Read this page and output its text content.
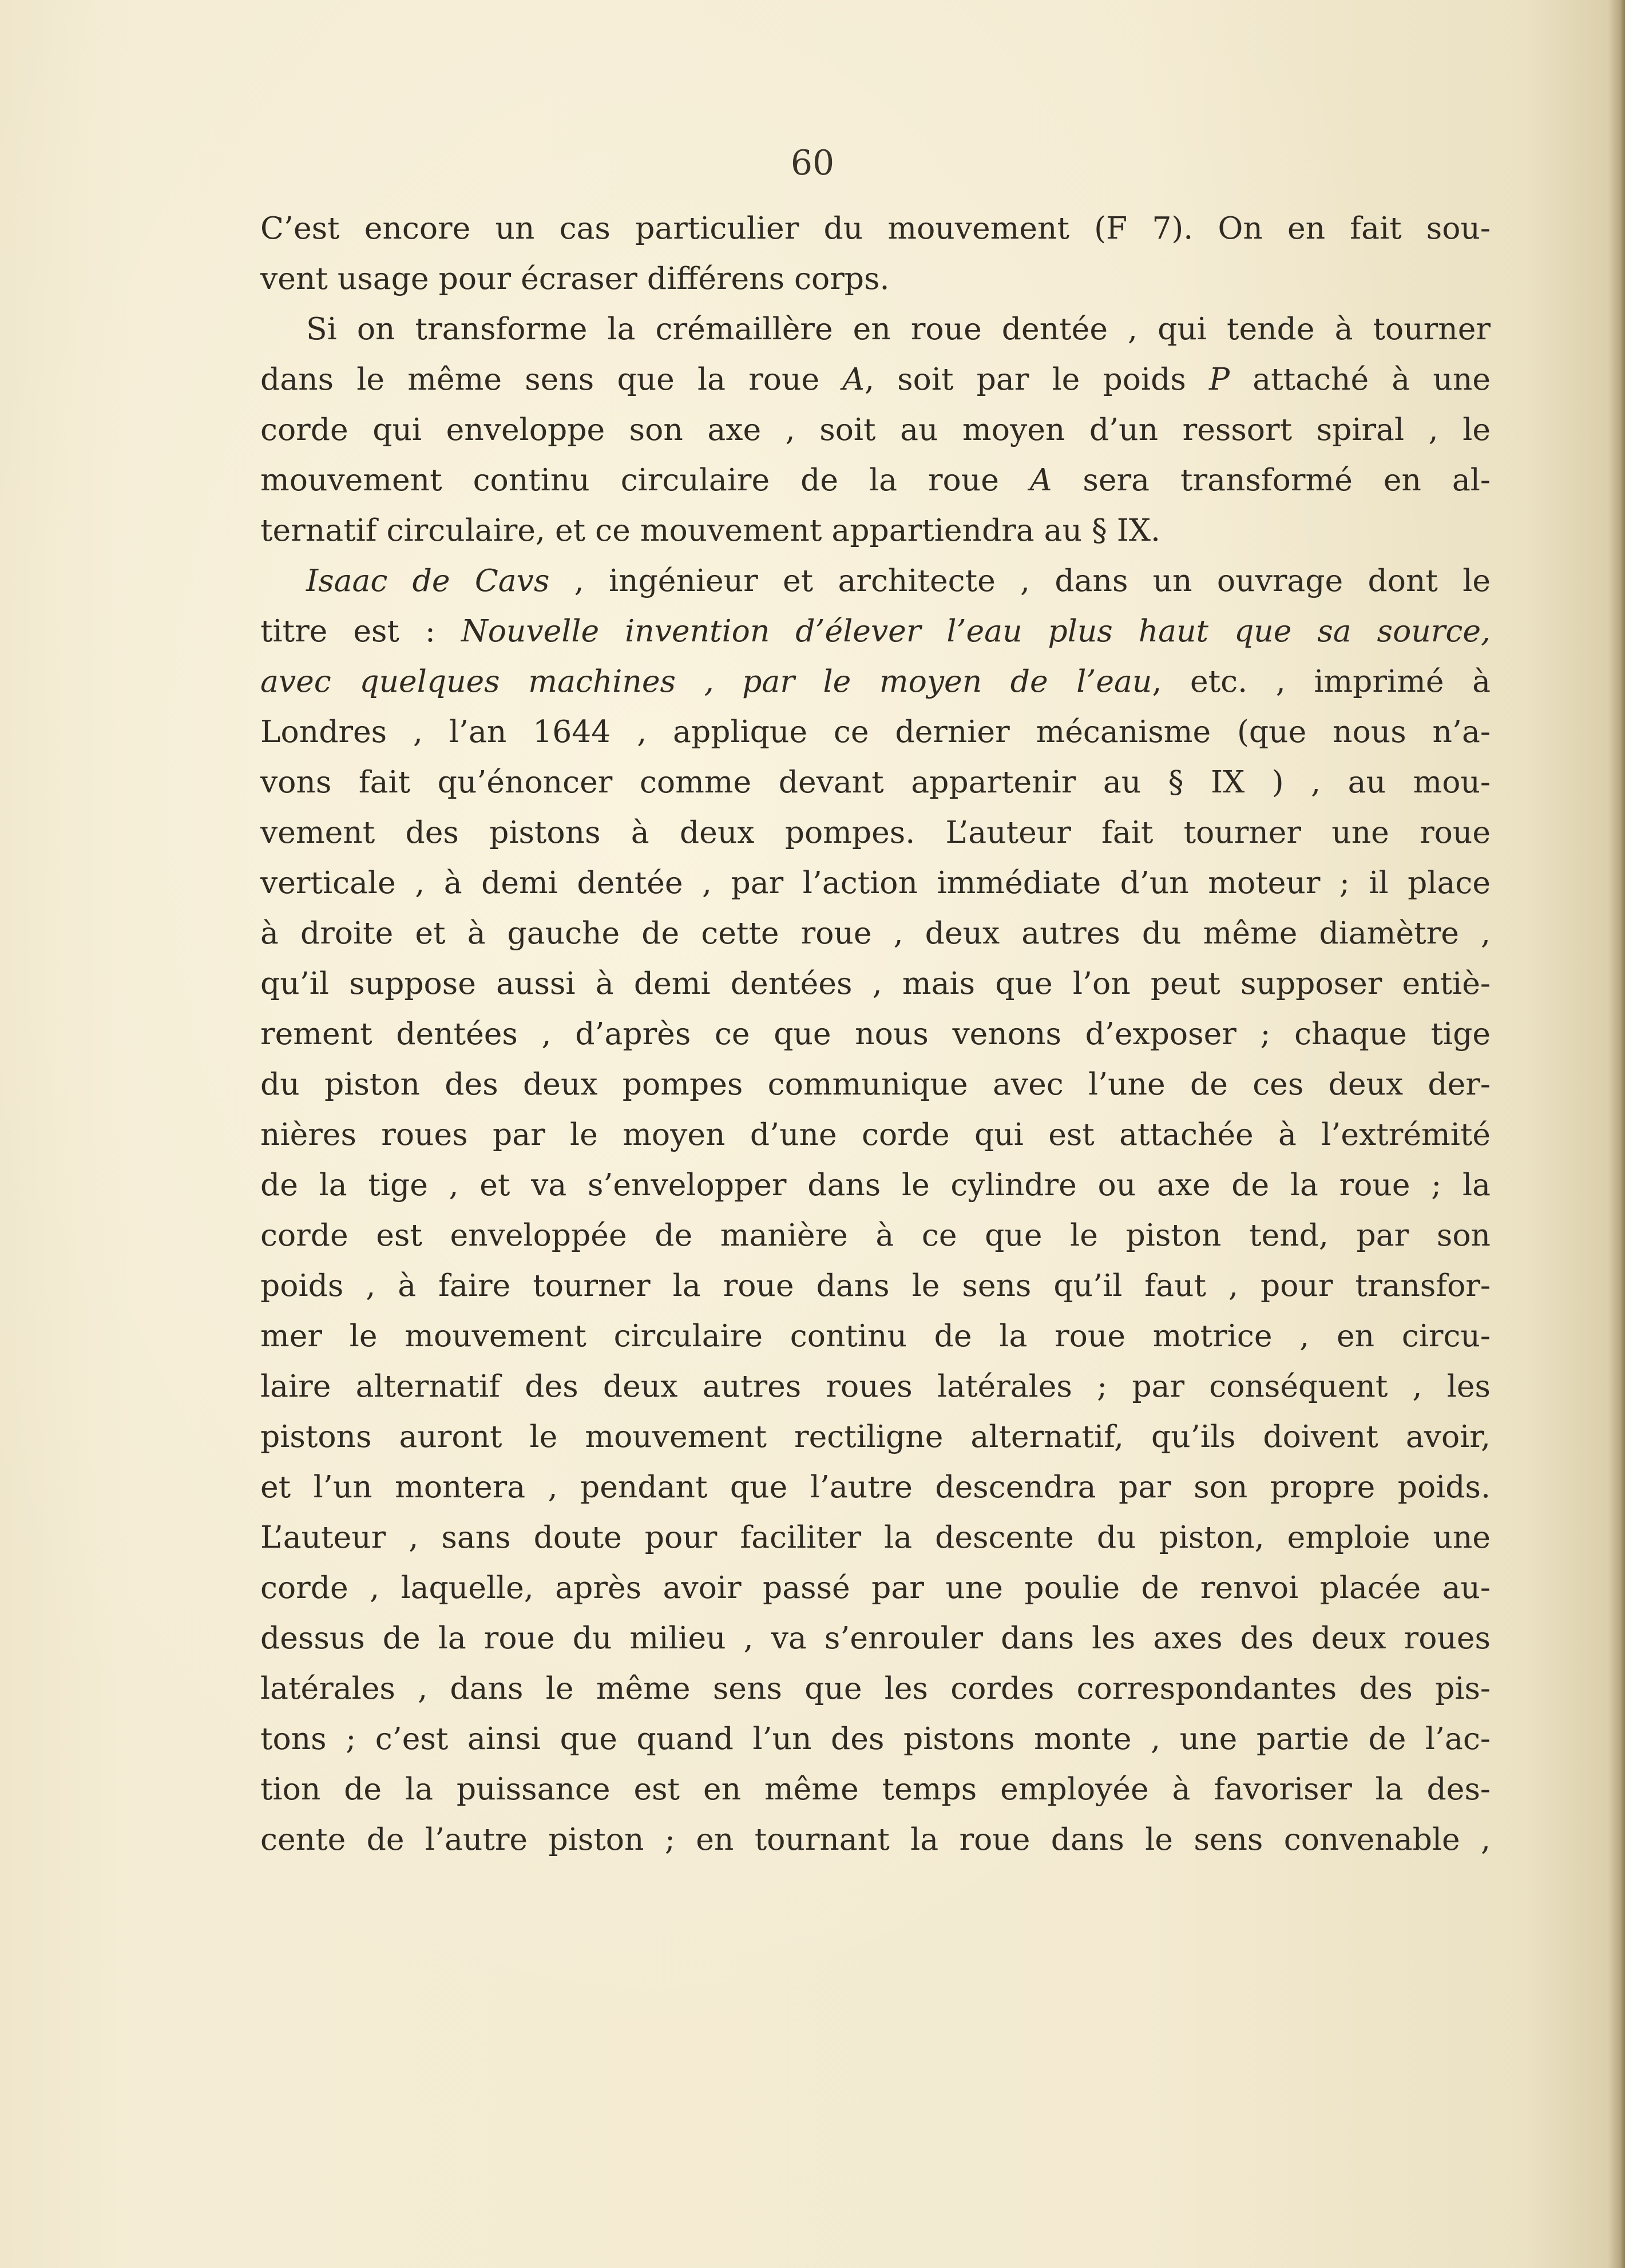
60
C’est encore un cas particulier du mouvement (F 7). On en fait sou-
vent usage pour écraser différens corps.
Si on transforme la crémaillère en roue dentée , qui tende à tourner
dans le même sens que la roue A, soit par le poids P attaché à une
corde qui enveloppe son axe , soit au moyen d’un ressort spiral , le
mouvement continu circulaire de la roue A sera transformé en al-
ternatif circulaire, et ce mouvement appartiendra au § IX.
Isaac de Cavs , ingénieur et architecte , dans un ouvrage dont le
titre est : Nouvelle invention d’élever l’eau plus haut que sa source,
avec quelques machines , par le moyen de l’eau, etc. , imprimé à
Londres , l’an 1644 , applique ce dernier mécanisme (que nous n’a-
vons fait qu’énoncer comme devant appartenir au § IX ) , au mou-
vement des pistons à deux pompes. L’auteur fait tourner une roue
verticale , à demi dentée , par l’action immédiate d’un moteur ; il place
à droite et à gauche de cette roue , deux autres du même diamètre ,
qu’il suppose aussi à demi dentées , mais que l’on peut supposer entiè-
rement dentées , d’après ce que nous venons d’exposer ; chaque tige
du piston des deux pompes communique avec l’une de ces deux der-
nières roues par le moyen d’une corde qui est attachée à l’extrémité
de la tige , et va s’envelopper dans le cylindre ou axe de la roue ; la
corde est enveloppée de manière à ce que le piston tend, par son
poids , à faire tourner la roue dans le sens qu’il faut , pour transfor-
mer le mouvement circulaire continu de la roue motrice , en circu-
laire alternatif des deux autres roues latérales ; par conséquent , les
pistons auront le mouvement rectiligne alternatif, qu’ils doivent avoir,
et l’un montera , pendant que l’autre descendra par son propre poids.
L’auteur , sans doute pour faciliter la descente du piston, emploie une
corde , laquelle, après avoir passé par une poulie de renvoi placée au-
dessus de la roue du milieu , va s’enrouler dans les axes des deux roues
latérales , dans le même sens que les cordes correspondantes des pis-
tons ; c’est ainsi que quand l’un des pistons monte , une partie de l’ac-
tion de la puissance est en même temps employée à favoriser la des-
cente de l’autre piston ; en tournant la roue dans le sens convenable ,
